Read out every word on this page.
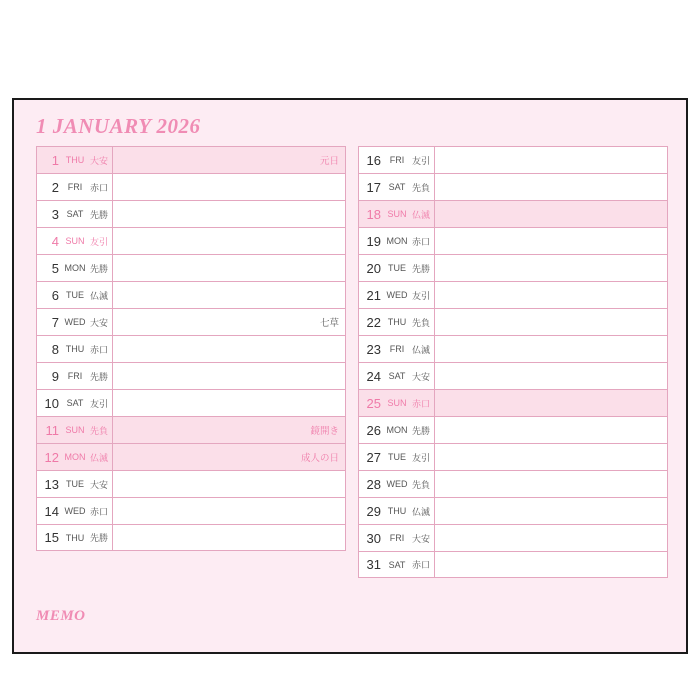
1 JANUARY 2026
1 THU 大安	元日
2 FRI 赤口
3 SAT 先勝
4 SUN 友引
5 MON 先勝
6 TUE 仏滅
7 WED 大安	七草
8 THU 赤口
9 FRI 先勝
10 SAT 友引
11 SUN 先負	鏡開き
12 MON 仏滅	成人の日
13 TUE 大安
14 WED 赤口
15 THU 先勝
16 FRI 友引
17 SAT 先負
18 SUN 仏滅
19 MON 赤口
20 TUE 先勝
21 WED 友引
22 THU 先負
23 FRI 仏滅
24 SAT 大安
25 SUN 赤口
26 MON 先勝
27 TUE 友引
28 WED 先負
29 THU 仏滅
30 FRI 大安
31 SAT 赤口
MEMO
